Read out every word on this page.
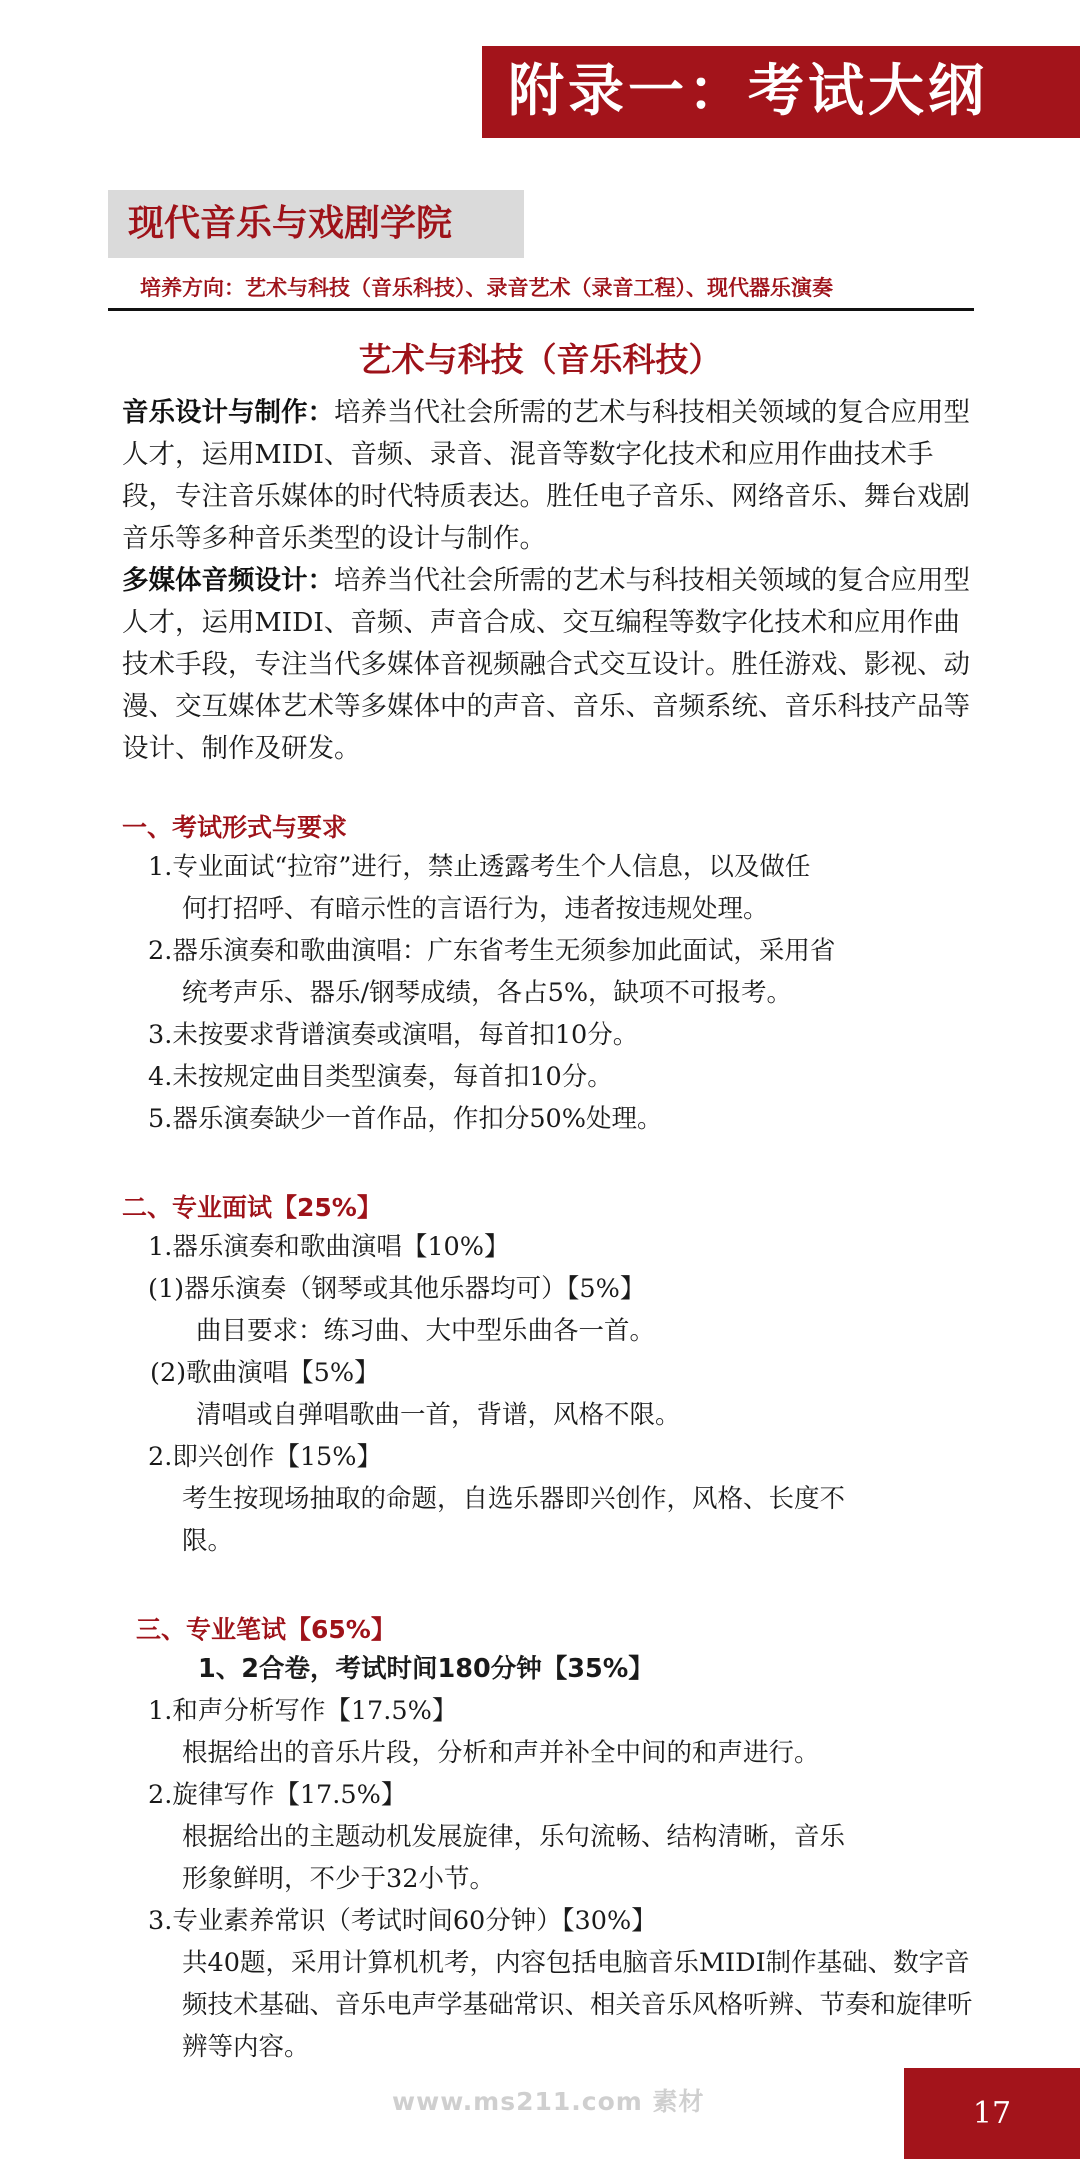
附录一：考试大纲
现代音乐与戏剧学院
培养方向：艺术与科技（音乐科技）、录音艺术（录音工程）、现代器乐演奏
艺术与科技（音乐科技）
音乐设计与制作：培养当代社会所需的艺术与科技相关领域的复合应用型人才，运用MIDI、音频、录音、混音等数字化技术和应用作曲技术手段，专注音乐媒体的时代特质表达。胜任电子音乐、网络音乐、舞台戏剧音乐等多种音乐类型的设计与制作。
多媒体音频设计：培养当代社会所需的艺术与科技相关领域的复合应用型人才，运用MIDI、音频、声音合成、交互编程等数字化技术和应用作曲技术手段，专注当代多媒体音视频融合式交互设计。胜任游戏、影视、动漫、交互媒体艺术等多媒体中的声音、音乐、音频系统、音乐科技产品等设计、制作及研发。
一、考试形式与要求
1.专业面试“拉帘”进行，禁止透露考生个人信息，以及做任
何打招呼、有暗示性的言语行为，违者按违规处理。
2.器乐演奏和歌曲演唱：广东省考生无须参加此面试，采用省
统考声乐、器乐/钢琴成绩，各占5%，缺项不可报考。
3.未按要求背谱演奏或演唱，每首扣10分。
4.未按规定曲目类型演奏，每首扣10分。
5.器乐演奏缺少一首作品，作扣分50%处理。
二、专业面试【25%】
1.器乐演奏和歌曲演唱【10%】
(1)器乐演奏（钢琴或其他乐器均可）【5%】
曲目要求：练习曲、大中型乐曲各一首。
(2)歌曲演唱【5%】
清唱或自弹唱歌曲一首，背谱，风格不限。
2.即兴创作【15%】
考生按现场抽取的命题，自选乐器即兴创作，风格、长度不
限。
三、专业笔试【65%】
1、2合卷，考试时间180分钟【35%】
1.和声分析写作【17.5%】
根据给出的音乐片段，分析和声并补全中间的和声进行。
2.旋律写作【17.5%】
根据给出的主题动机发展旋律，乐句流畅、结构清晰，音乐
形象鲜明，不少于32小节。
3.专业素养常识（考试时间60分钟）【30%】
共40题，采用计算机机考，内容包括电脑音乐MIDI制作基础、数字音频技术基础、音乐电声学基础常识、相关音乐风格听辨、节奏和旋律听辨等内容。
www.ms211.com 素材	17
